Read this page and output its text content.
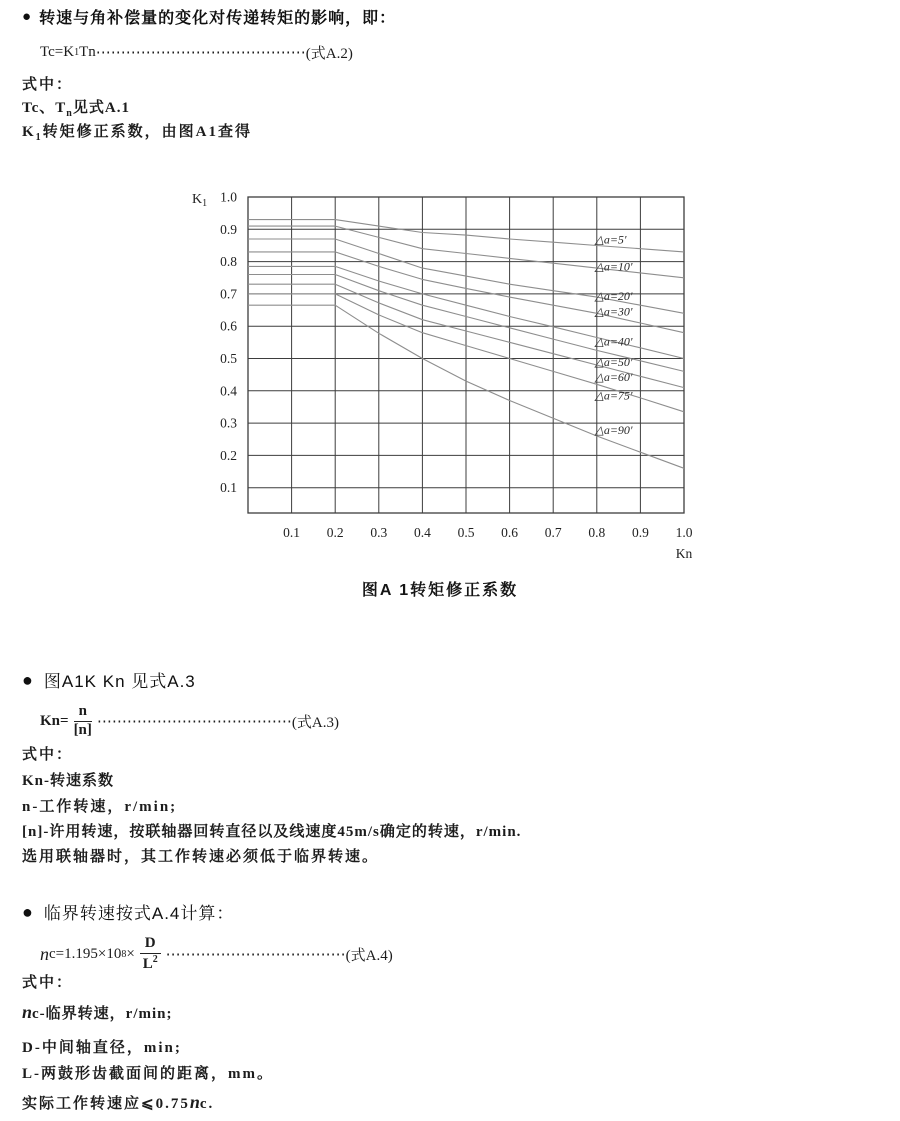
● 转速与角补偿量的变化对传递转矩的影响，即：
Tc=K 1 Tn ⋯⋯⋯⋯⋯⋯⋯⋯⋯⋯⋯⋯⋯⋯ (式A.2)
式中：
Tc、$T_n$见式A.1
$K_1$转矩修正系数，由图A1查得
0.1
0.2
0.3
0.4
0.5
0.6
0.7
0.8
0.9
1.0
0.1 0.2 0.3 0.4 0.5 0.6 0.7 0.8 0.9 1.0
Kn
$K_1$
△a=5'
△a=10'
△a=20'
△a=30'
△a=40'
△a=50'
△a=60'
△a=75'
△a=90'
图A 1转矩修正系数
● 图A1K Kn 见式A.3
$Kn= \frac{n}{[n]}$ ⋯⋯⋯⋯⋯⋯⋯⋯⋯⋯⋯⋯⋯ (式A.3)
式中：
Kn-转速系数
n-工作转速，r/min;
[n]-许用转速，按联轴器回转直径以及线速度45m/s确定的转速，r/min.
选用联轴器时，其工作转速必须低于临界转速。
● 临界转速按式A.4计算：
n c=1.195×10 $8 \times \frac{D}{L^2}$ ⋯⋯⋯⋯⋯⋯⋯⋯⋯⋯⋯⋯ (式A.4)
式中：
nc-临界转速，r/min;
D-中间轴直径，min;
L-两鼓形齿截面间的距离，mm。
实际工作转速应⩽0.75nc.
